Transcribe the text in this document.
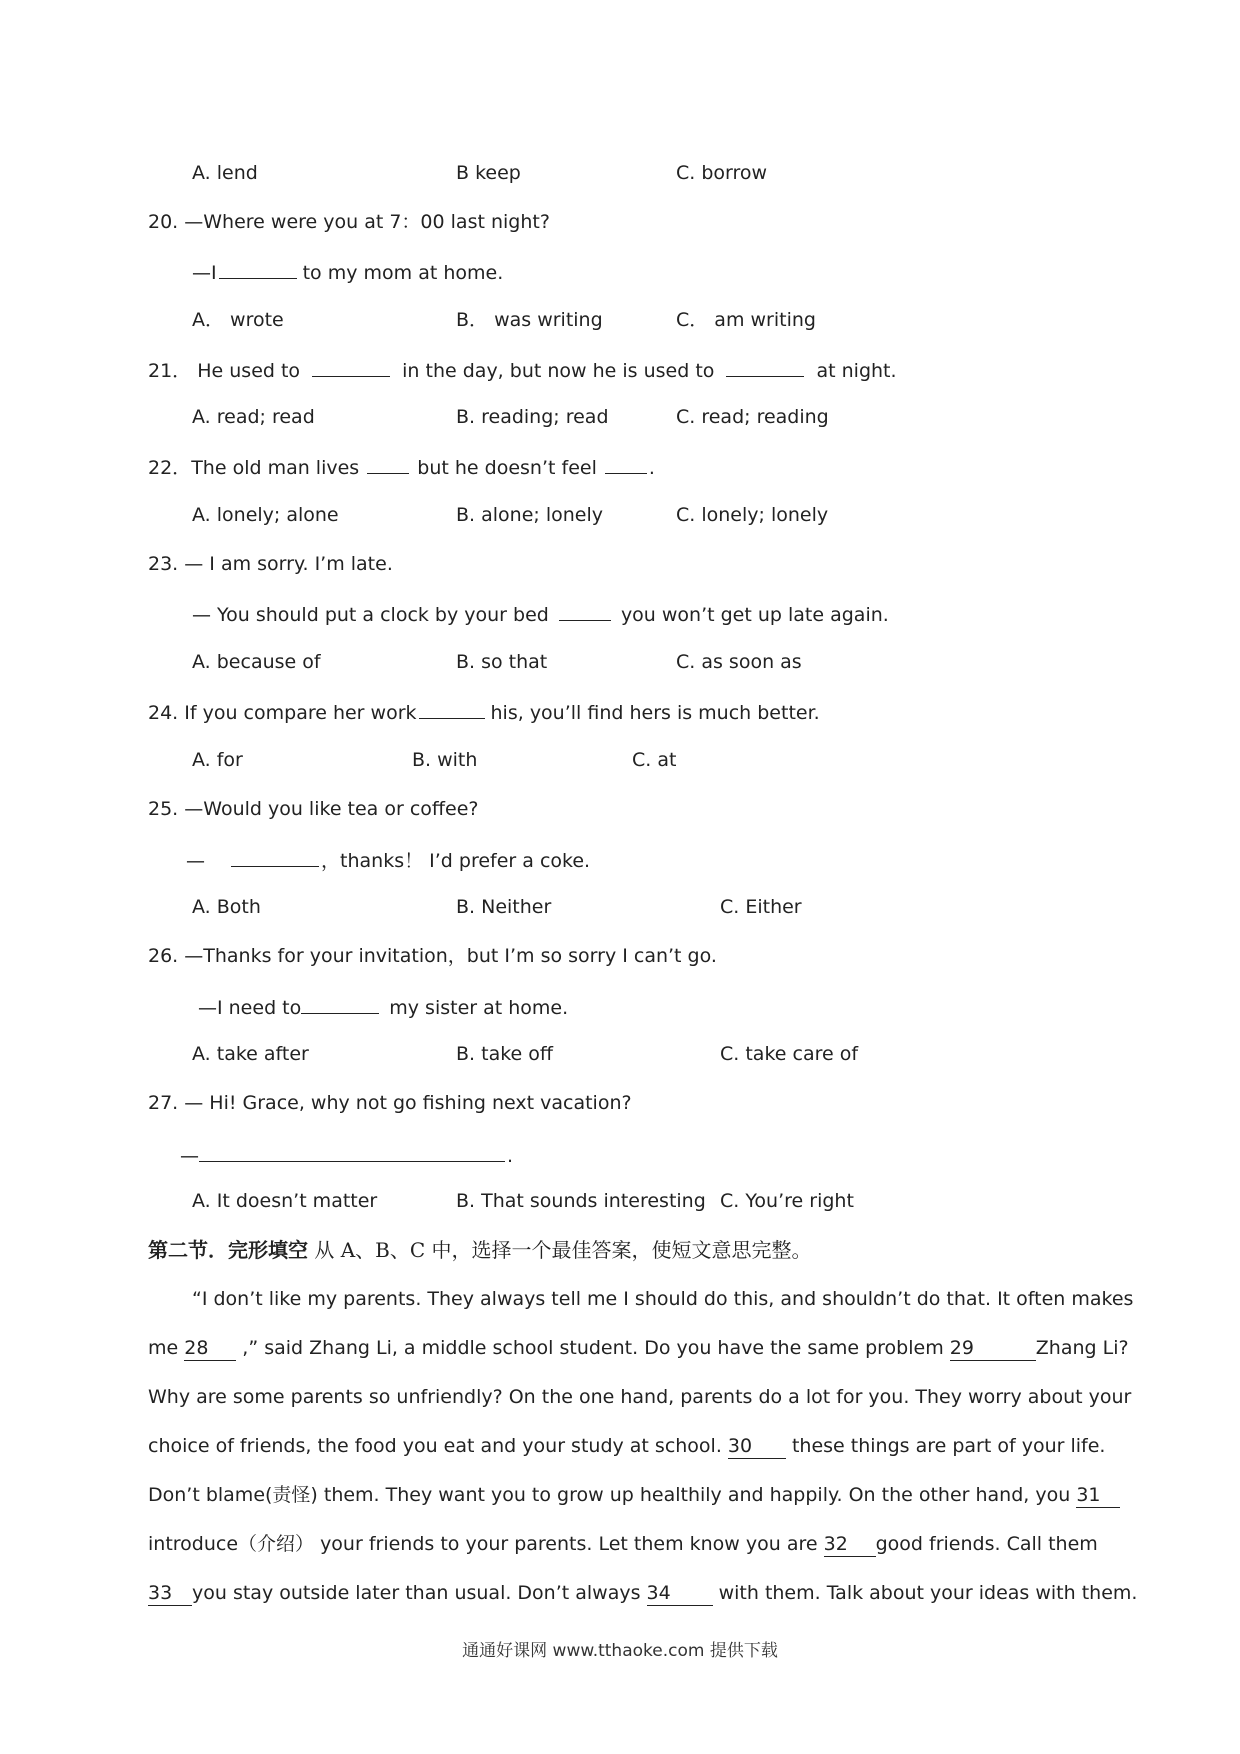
A. lend	B keep	C. borrow
20. —Where were you at 7：00 last night?
—I	to my mom at home.
A． wrote	B． was writing	C． am writing
21． He used to	in the day, but now he is used to	at night.
A. read; read	B. reading; read	C. read; reading
22．The old man lives	but he doesn’t feel	.
A. lonely; alone	B. alone; lonely	C. lonely; lonely
23. — I am sorry. I’m late.
— You should put a clock by your bed	you won’t get up late again.
A. because of	B. so that	C. as soon as
24. If you compare her work	his, you’ll find hers is much better.
A. for	B. with	C. at
25. —Would you like tea or coffee?
—	，thanks！ I’d prefer a coke.
A. Both	B. Neither	C. Either
26. —Thanks for your invitation，but I’m so sorry I can’t go.
—I need to	my sister at home.
A. take after	B. take off	C. take care of
27. — Hi! Grace, why not go fishing next vacation?
—	.
A. It doesn’t matter	B. That sounds interesting C. You’re right
第二节．完形填空 从 A、B、C 中，选择一个最佳答案，使短文意思完整。
“I don’t like my parents. They always tell me I should do this, and shouldn’t do that. It often makes
me 28 ,” said Zhang Li, a middle school student. Do you have the same problem 29	Zhang Li?
Why are some parents so unfriendly? On the one hand, parents do a lot for you. They worry about your
choice of friends, the food you eat and your study at school. 30 these things are part of your life.
Don’t blame(责怪) them. They want you to grow up healthily and happily. On the other hand, you 31
introduce（介绍） your friends to your parents. Let them know you are 32 good friends. Call them
33 you stay outside later than usual. Don’t always 34	with them. Talk about your ideas with them.
通通好课网 www.tthaoke.com 提供下载
